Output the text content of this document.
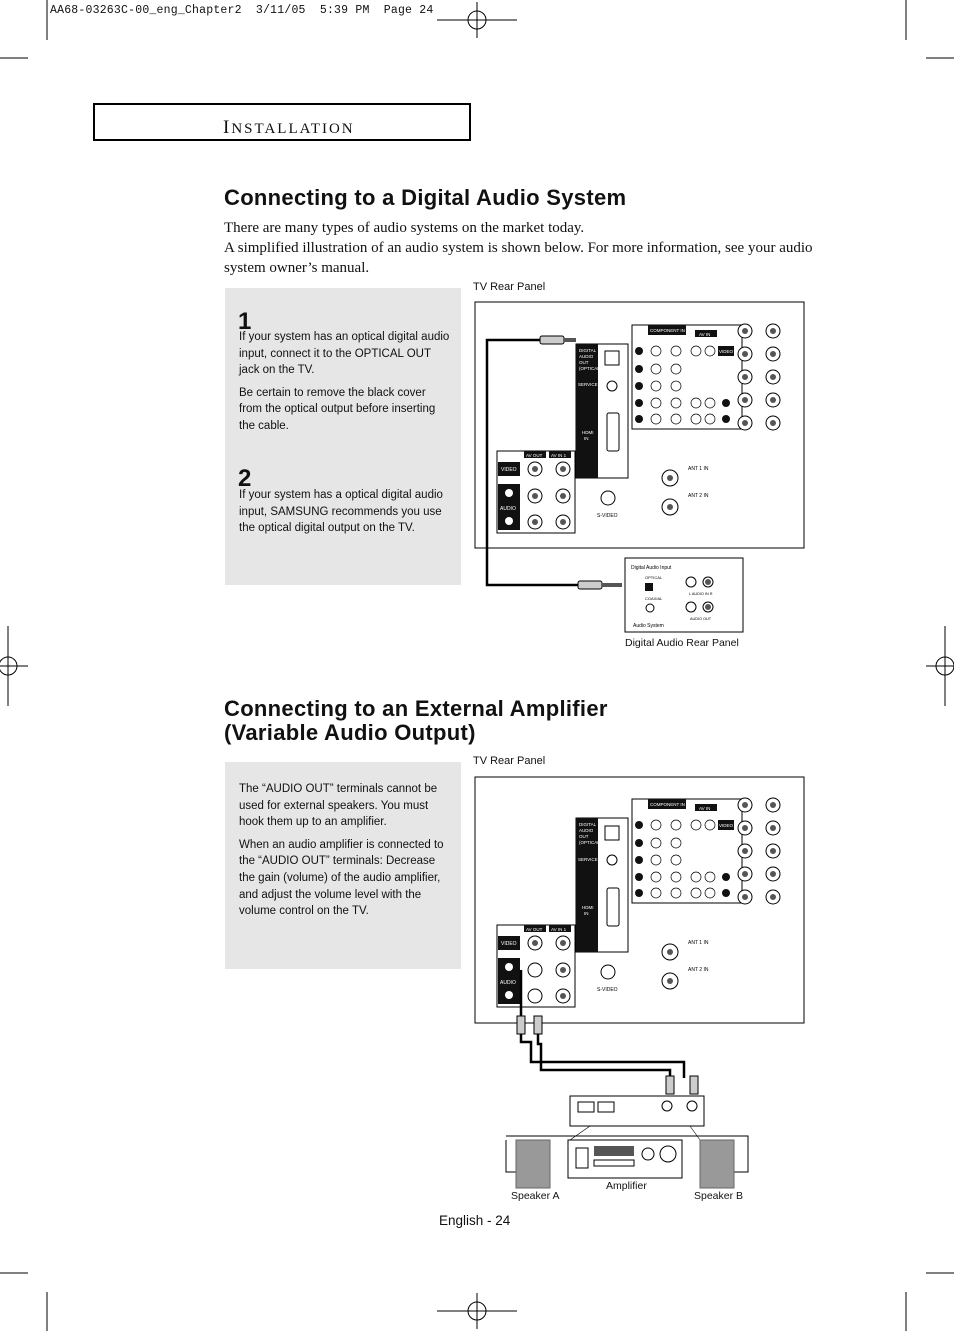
AA68-03263C-00_eng_Chapter2  3/11/05  5:39 PM  Page 24
INSTALLATION
Connecting to a Digital Audio System
There are many types of audio systems on the market today.
A simplified illustration of an audio system is shown below. For more information, see your audio system owner’s manual.
1

If your system has an optical digital audio input, connect it to the OPTICAL OUT jack on the TV.

Be certain to remove the black cover from the optical output before inserting the cable.

2

If your system has a optical digital audio input, SAMSUNG recommends you use the optical digital output on the TV.

TV Rear Panel
DIGITAL
AUDIO
OUT
(OPTICAL)
SERVICE
HDMI
IN
COMPONENT IN
AV IN
VIDEO
AV OUT AV IN 1
VIDEO
AUDIO
S-VIDEO
ANT 1 IN
ANT 2 IN
Digital Audio Input
OPTICAL
COAXIAL
Audio System
L AUDIO IN R
AUDIO OUT
Digital Audio Rear Panel
Connecting to an External Amplifier
(Variable Audio Output)

The “AUDIO OUT” terminals cannot be used for external speakers. You must hook them up to an amplifier.

When an audio amplifier is connected to the “AUDIO OUT” terminals: Decrease the gain (volume) of the audio amplifier, and adjust the volume level with the volume control on the TV.

TV Rear Panel
DIGITAL
AUDIO
OUT
(OPTICAL)
SERVICE
HDMI
IN
COMPONENT IN
AV IN
VIDEO
AV OUT AV IN 1
VIDEO
AUDIO
S-VIDEO
ANT 1 IN
ANT 2 IN
Speaker A
Amplifier
Speaker B
English - 24
